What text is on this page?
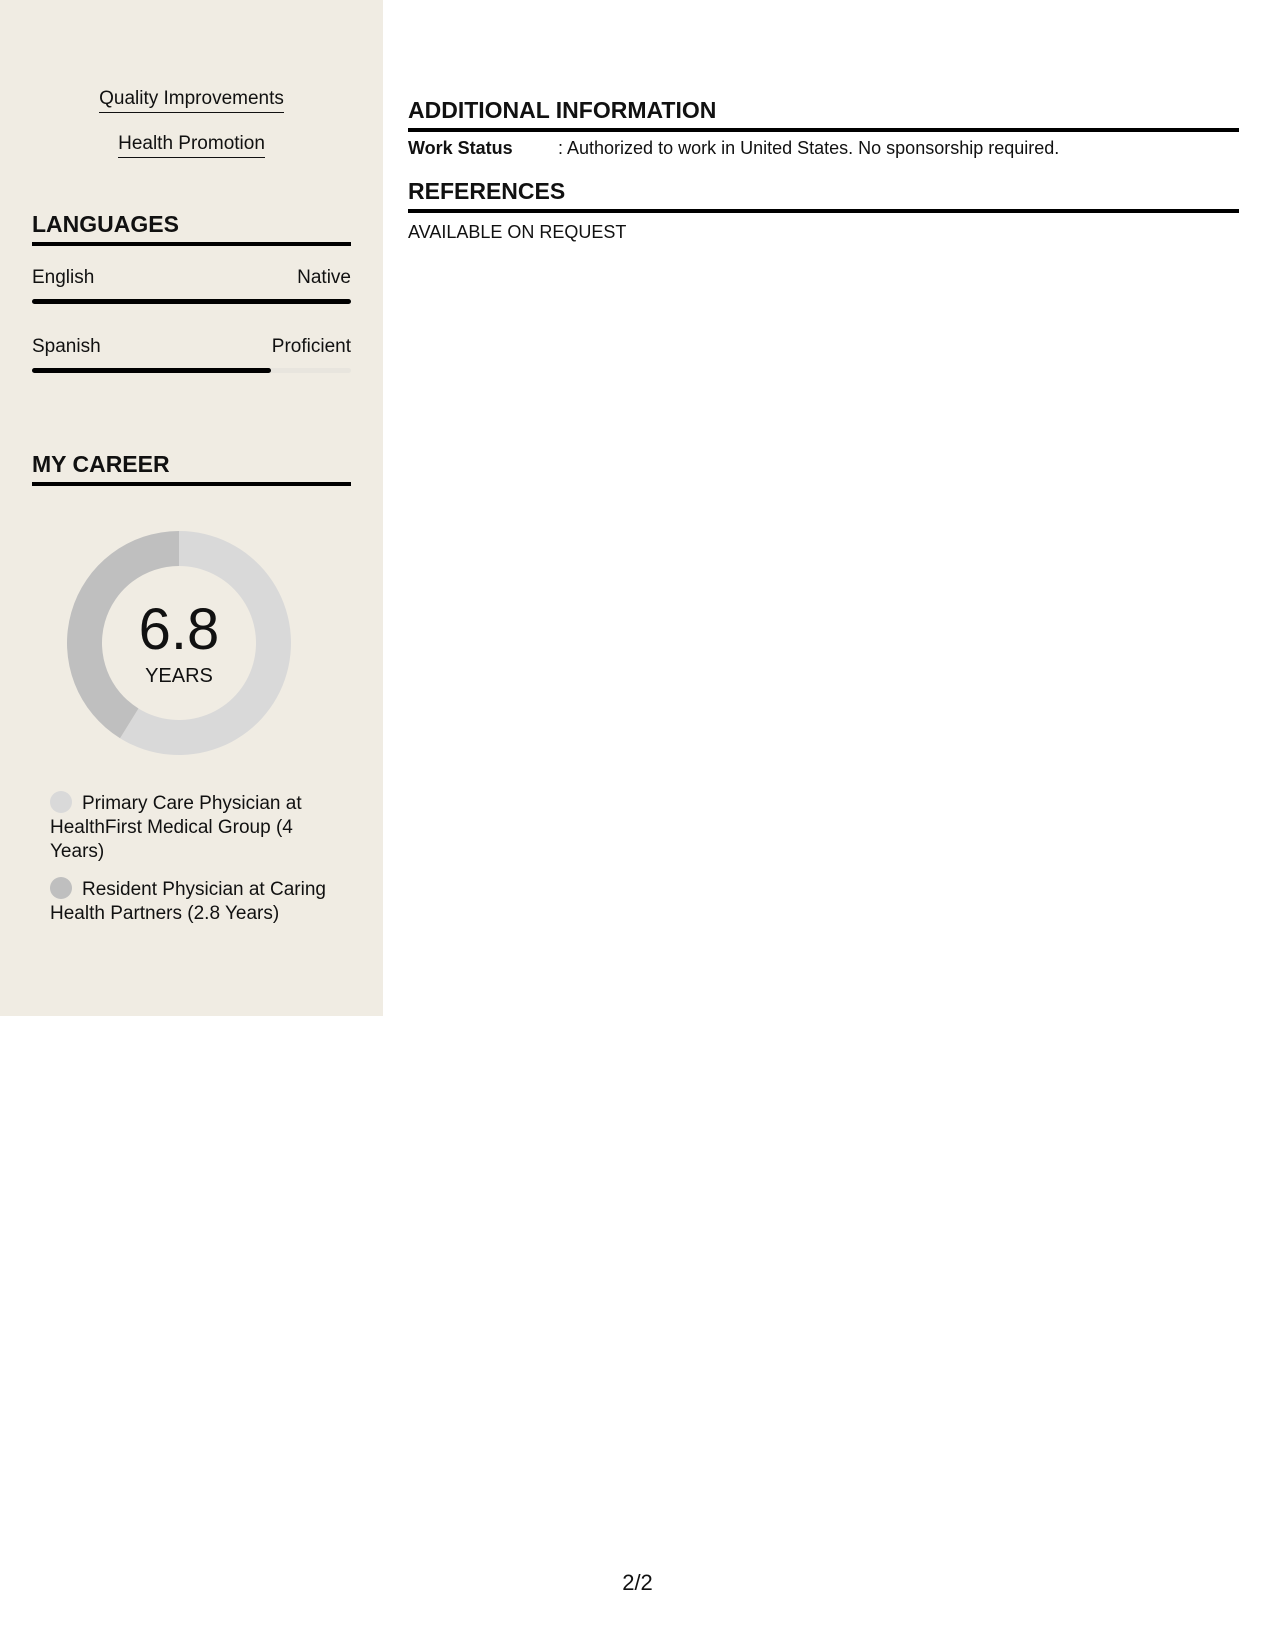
Quality Improvements
Health Promotion
LANGUAGES
English	Native
Spanish	Proficient
MY CAREER
6.8
YEARS
Primary Care Physician at HealthFirst Medical Group (4 Years)
Resident Physician at Caring Health Partners (2.8 Years)
ADDITIONAL INFORMATION
Work Status	: Authorized to work in United States. No sponsorship required.
REFERENCES
AVAILABLE ON REQUEST
2/2
